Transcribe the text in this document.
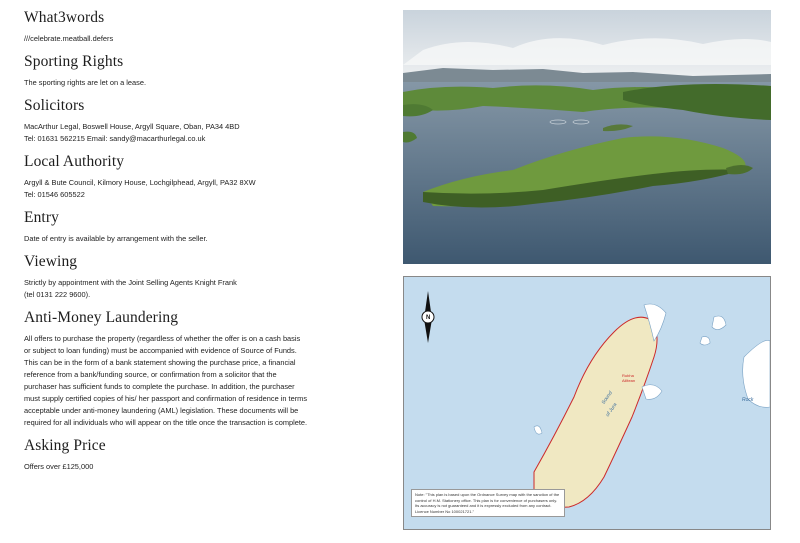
What3words
///celebrate.meatball.defers
Sporting Rights
The sporting rights are let on a lease.
Solicitors
MacArthur Legal, Boswell House, Argyll Square, Oban, PA34 4BD
Tel: 01631 562215 Email: sandy@macarthurlegal.co.uk
Local Authority
Argyll & Bute Council, Kilmory House, Lochgilphead, Argyll, PA32 8XW
Tel: 01546 605522
Entry
Date of entry is available by arrangement with the seller.
Viewing
Strictly by appointment with the Joint Selling Agents Knight Frank
(tel 0131 222 9600).
Anti-Money Laundering
All offers to purchase the property (regardless of whether the offer is on a cash basis
or subject to loan funding) must be accompanied with evidence of Source of Funds.
This can be in the form of a bank statement showing the purchase price, a financial
reference from a bank/funding source, or confirmation from a solicitor that the
purchaser has sufficient funds to complete the purchase. In addition, the purchaser
must supply certified copies of his/ her passport and confirmation of residence in terms
acceptable under anti-money laundering (AML) legislation. These documents will be
required for all individuals who will appear on the title once the transaction is complete.
Asking Price
Offers over £125,000
N
Sound
of Jura
Rock
Rubha
Ailltean
Note: "This plan is based upon the Ordnance Survey map with the sanction of the control of H.M. Stationery office. This plan is for convenience of purchasers only. Its accuracy is not guaranteed and it is expressly excluded from any contract. Licence Number No 100021721."
